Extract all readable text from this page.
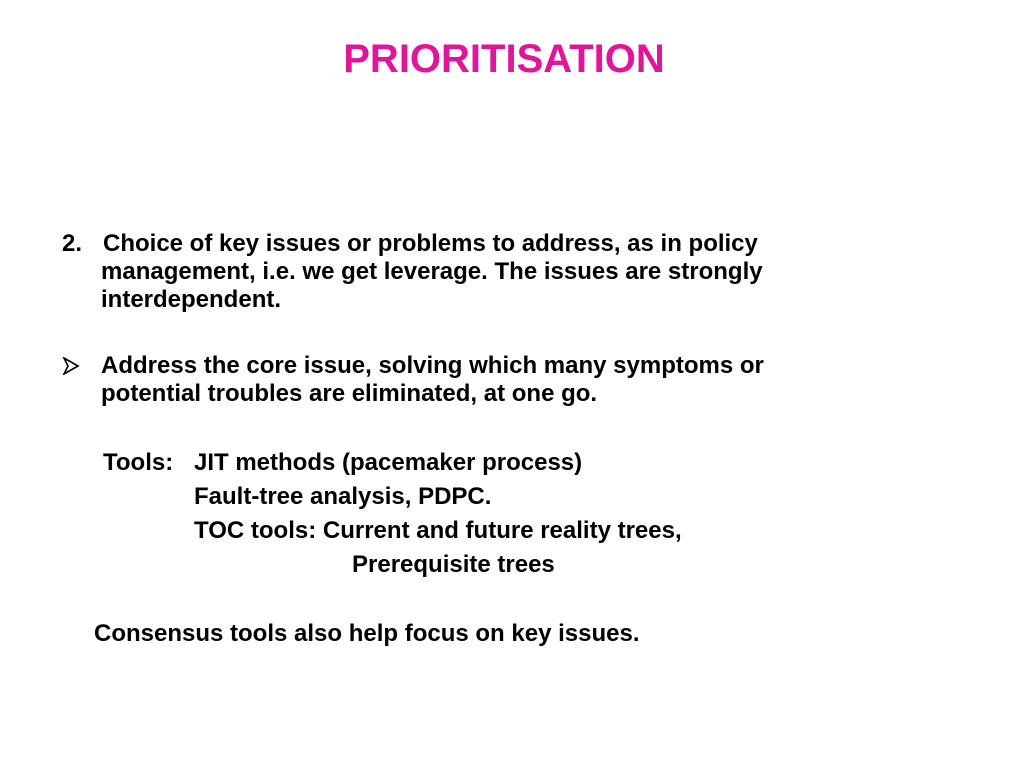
PRIORITISATION
2. Choice of key issues or problems to address, as in policy

management, i.e. we get leverage. The issues are strongly

interdependent.

Address the core issue, solving which many symptoms or

potential troubles are eliminated, at one go.

Tools: JIT methods (pacemaker process)

Fault-tree analysis, PDPC.

TOC tools: Current and future reality trees,

Prerequisite trees

Consensus tools also help focus on key issues.
